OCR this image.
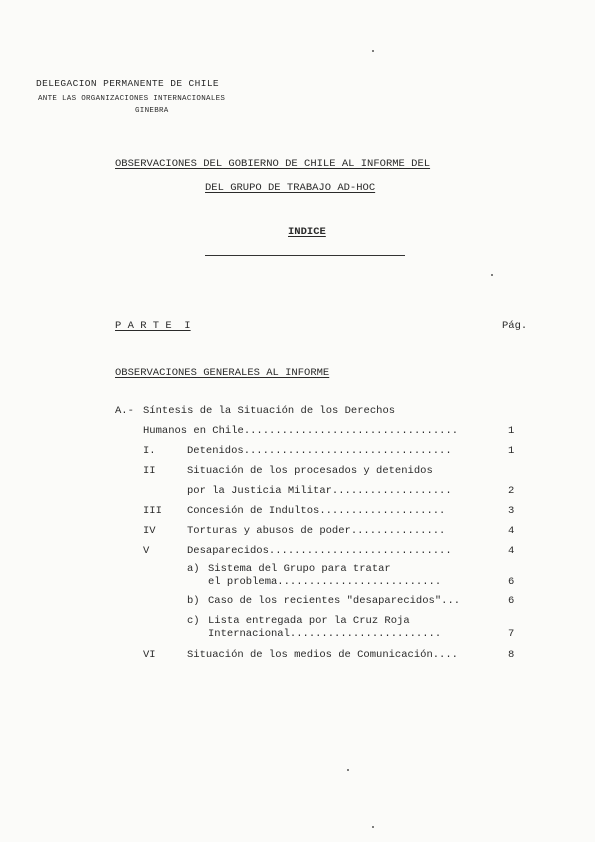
DELEGACION PERMANENTE DE CHILE
ANTE LAS ORGANIZACIONES INTERNACIONALES
GINEBRA
OBSERVACIONES DEL GOBIERNO DE CHILE AL INFORME DEL
DEL GRUPO DE TRABAJO AD-HOC
INDICE
P A R T E  I	Pág.
OBSERVACIONES GENERALES AL INFORME
A.- Síntesis de la Situación de los Derechos
Humanos en Chile..................................	1
I.	Detenidos.................................	1
II	Situación de los procesados y detenidos
por la Justicia Militar...................	2
III Concesión de Indultos....................	3
IV	Torturas y abusos de poder...............	4
V	Desaparecidos.............................	4
a) Sistema del Grupo para tratar
el problema..........................	6
b) Caso de los recientes "desaparecidos"...	6
c) Lista entregada por la Cruz Roja
Internacional........................	7
VI	Situación de los medios de Comunicación....	8
